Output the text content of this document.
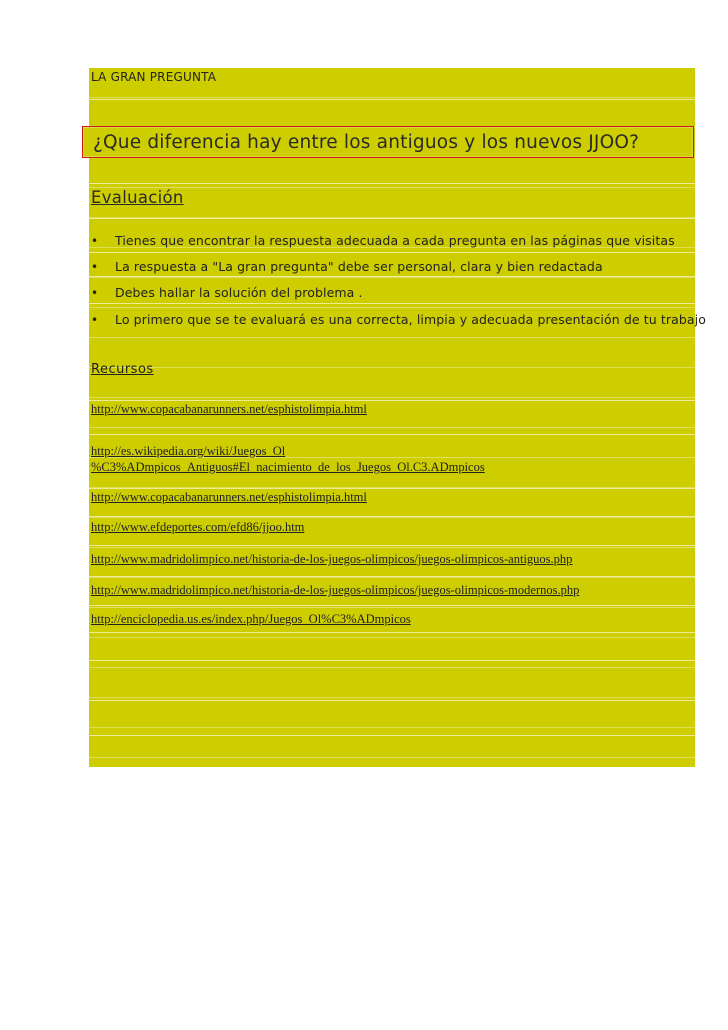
LA GRAN PREGUNTA
¿Que diferencia hay entre los antiguos y los nuevos JJOO?
Evaluación
• Tienes que encontrar la respuesta adecuada a cada pregunta en las páginas que visitas
• La respuesta a "La gran pregunta" debe ser personal, clara y bien redactada
• Debes hallar la solución del problema .
• Lo primero que se te evaluará es una correcta, limpia y adecuada presentación de tu trabajo
Recursos
http://www.copacabanarunners.net/esphistolimpia.html
http://es.wikipedia.org/wiki/Juegos_Ol
%C3%ADmpicos_Antiguos#El_nacimiento_de_los_Juegos_Ol.C3.ADmpicos
http://www.copacabanarunners.net/esphistolimpia.html
http://www.efdeportes.com/efd86/jjoo.htm
http://www.madridolimpico.net/historia-de-los-juegos-olimpicos/juegos-olimpicos-antiguos.php
http://www.madridolimpico.net/historia-de-los-juegos-olimpicos/juegos-olimpicos-modernos.php
http://enciclopedia.us.es/index.php/Juegos_Ol%C3%ADmpicos
